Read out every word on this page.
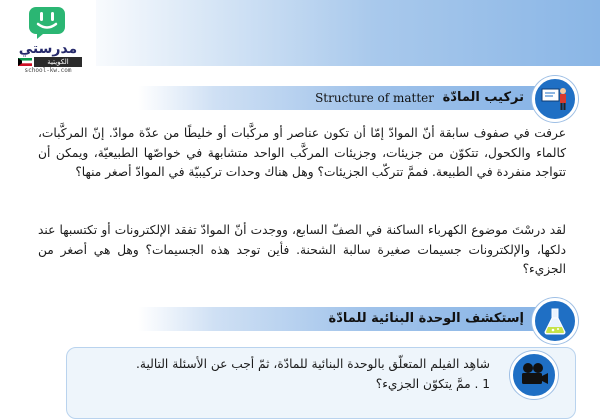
مدرستي
الكويتية
school-kw.com
تركيب المادّة
Structure of matter
عرفت في صفوف سابقة أنّ الموادّ إمّا أن تكون عناصر أو مركَّبات أو خليطًا من عدّة موادّ. إنّ المركَّبات، كالماء والكحول، تتكوّن من جزيئات، وجزيئات المركَّب الواحد متشابهة في خواصّها الطبيعيّة، ويمكن أن تتواجد منفردة في الطبيعة. فممَّ تتركّب الجزيئات؟ وهل هناك وحدات تركيبيّة في الموادّ أصغر منها؟
لقد درسْتَ موضوع الكهرباء الساكنة في الصفّ السابع، ووجدت أنّ الموادّ تفقد الإلكترونات أو تكتسبها عند دلكها، والإلكترونات جسيمات صغيرة سالبة الشحنة. فأين توجد هذه الجسيمات؟ وهل هي أصغر من الجزيء؟
إستكشف الوحدة البنائية للمادّة
شاهِد الفيلم المتعلّق بالوحدة البنائية للمادّة، ثمّ أجب عن الأسئلة التالية.
1 . ممَّ يتكوّن الجزيء؟
